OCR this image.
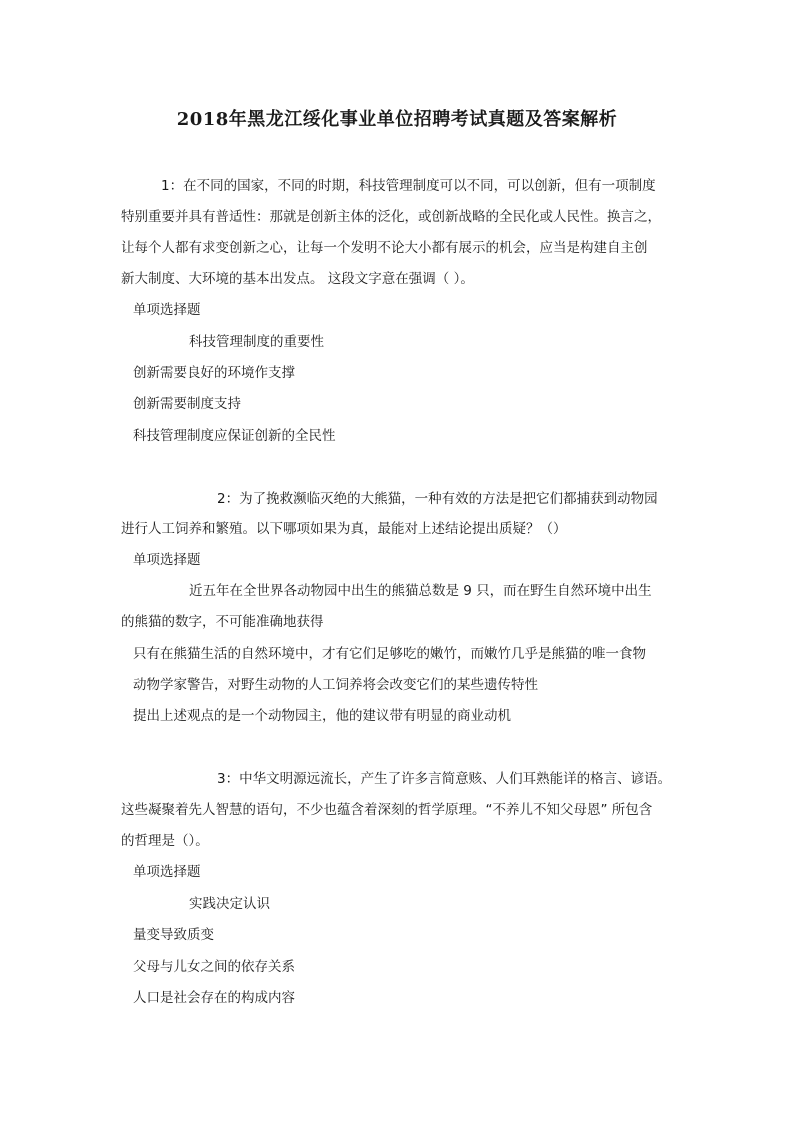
2018年黑龙江绥化事业单位招聘考试真题及答案解析
1：在不同的国家，不同的时期，科技管理制度可以不同，可以创新，但有一项制度
特别重要并具有普适性：那就是创新主体的泛化，或创新战略的全民化或人民性。换言之，
让每个人都有求变创新之心，让每一个发明不论大小都有展示的机会，应当是构建自主创
新大制度、大环境的基本出发点。 这段文字意在强调（ ）。
单项选择题
科技管理制度的重要性
创新需要良好的环境作支撑
创新需要制度支持
科技管理制度应保证创新的全民性
2：为了挽救濒临灭绝的大熊猫，一种有效的方法是把它们都捕获到动物园
进行人工饲养和繁殖。以下哪项如果为真，最能对上述结论提出质疑？（）
单项选择题
近五年在全世界各动物园中出生的熊猫总数是 9 只，而在野生自然环境中出生
的熊猫的数字，不可能准确地获得
只有在熊猫生活的自然环境中，才有它们足够吃的嫩竹，而嫩竹几乎是熊猫的唯一食物
动物学家警告，对野生动物的人工饲养将会改变它们的某些遗传特性
提出上述观点的是一个动物园主，他的建议带有明显的商业动机
3：中华文明源远流长，产生了许多言简意赅、人们耳熟能详的格言、谚语。
这些凝聚着先人智慧的语句，不少也蕴含着深刻的哲学原理。“不养儿不知父母恩” 所包含
的哲理是（）。
单项选择题
实践决定认识
量变导致质变
父母与儿女之间的依存关系
人口是社会存在的构成内容
